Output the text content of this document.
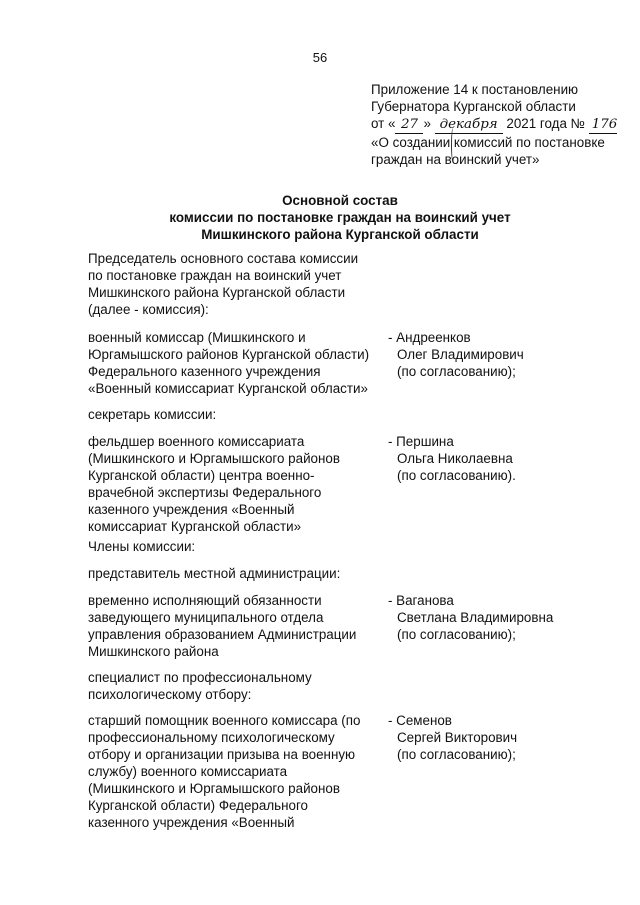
56
Приложение 14 к постановлению
Губернатора Курганской области
от « 27 » декабря 2021 года № 176
«О создании комиссий по постановке
граждан на воинский учет»
Основной состав
комиссии по постановке граждан на воинский учет
Мишкинского района Курганской области
Председатель основного состава комиссии
по постановке граждан на воинский учет
Мишкинского района Курганской области
(далее - комиссия):
военный комиссар (Мишкинского и
Юргамышского районов Курганской области)
Федерального казенного учреждения
«Военный комиссариат Курганской области»
- Андреенков
Олег Владимирович
(по согласованию);
секретарь комиссии:
фельдшер военного комиссариата
(Мишкинского и Юргамышского районов
Курганской области) центра военно-
врачебной экспертизы Федерального
казенного учреждения «Военный
комиссариат Курганской области»
- Першина
Ольга Николаевна
(по согласованию).
Члены комиссии:
представитель местной администрации:
временно исполняющий обязанности
заведующего муниципального отдела
управления образованием Администрации
Мишкинского района
- Ваганова
Светлана Владимировна
(по согласованию);
специалист по профессиональному
психологическому отбору:
старший помощник военного комиссара (по
профессиональному психологическому
отбору и организации призыва на военную
службу) военного комиссариата
(Мишкинского и Юргамышского районов
Курганской области) Федерального
казенного учреждения «Военный
- Семенов
Сергей Викторович
(по согласованию);
